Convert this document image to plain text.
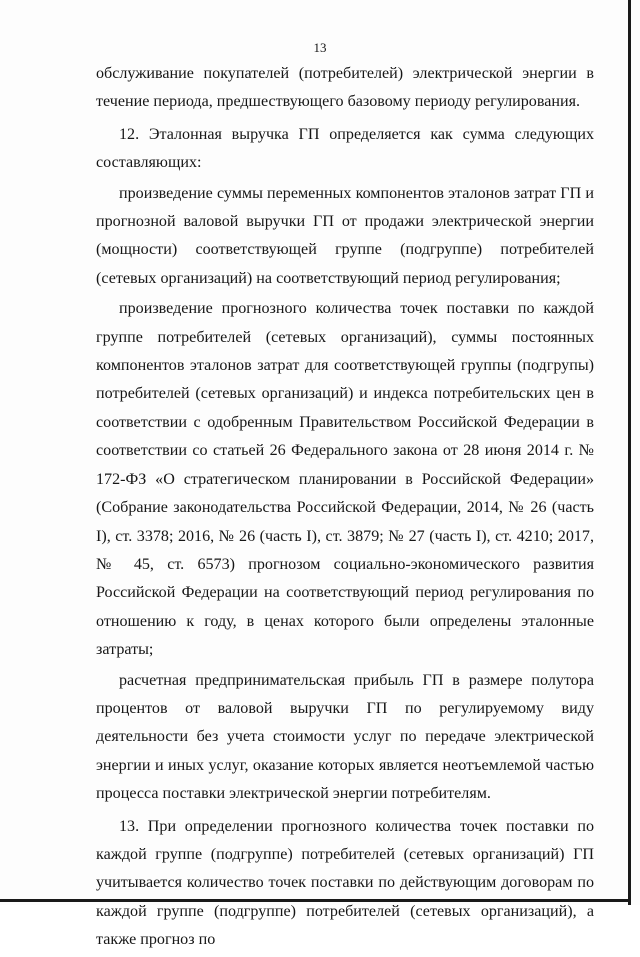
13

обслуживание покупателей (потребителей) электрической энергии в течение периода, предшествующего базовому периоду регулирования.

12. Эталонная выручка ГП определяется как сумма следующих составляющих:

произведение суммы переменных компонентов эталонов затрат ГП и прогнозной валовой выручки ГП от продажи электрической энергии (мощности) соответствующей группе (подгруппе) потребителей (сетевых организаций) на соответствующий период регулирования;

произведение прогнозного количества точек поставки по каждой группе потребителей (сетевых организаций), суммы постоянных компонентов эталонов затрат для соответствующей группы (подгрупы) потребителей (сетевых организаций) и индекса потребительских цен в соответствии с одобренным Правительством Российской Федерации в соответствии со статьей 26 Федерального закона от 28 июня 2014 г. № 172-ФЗ «О стратегическом планировании в Российской Федерации» (Собрание законодательства Российской Федерации, 2014, № 26 (часть I), ст. 3378; 2016, № 26 (часть I), ст. 3879; № 27 (часть I), ст. 4210; 2017, № 45, ст. 6573) прогнозом социально-экономического развития Российской Федерации на соответствующий период регулирования по отношению к году, в ценах которого были определены эталонные затраты;

расчетная предпринимательская прибыль ГП в размере полутора процентов от валовой выручки ГП по регулируемому виду деятельности без учета стоимости услуг по передаче электрической энергии и иных услуг, оказание которых является неотъемлемой частью процесса поставки электрической энергии потребителям.

13. При определении прогнозного количества точек поставки по каждой группе (подгруппе) потребителей (сетевых организаций) ГП учитывается количество точек поставки по действующим договорам по каждой группе (подгруппе) потребителей (сетевых организаций), а также прогноз по
